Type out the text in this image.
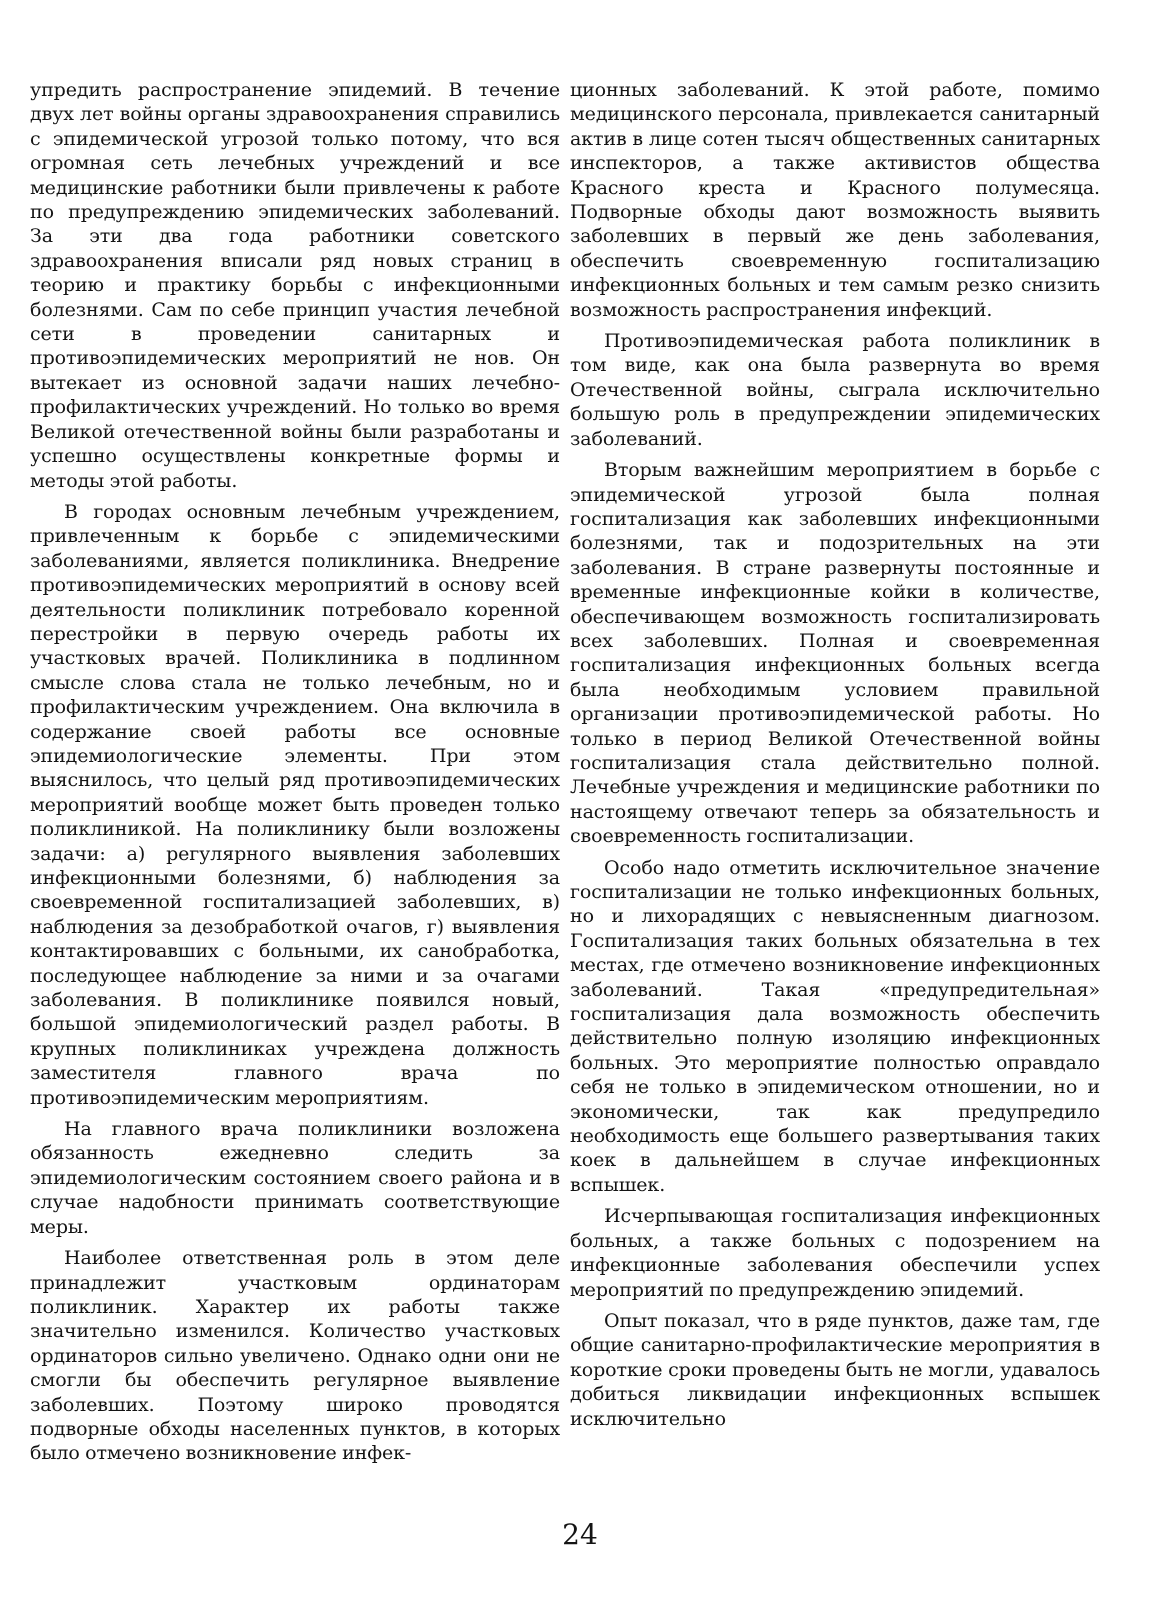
упредить распространение эпидемий. В течение двух лет войны органы здравоохранения справились с эпидемической угрозой только потому, что вся огромная сеть лечебных учреждений и все медицинские работники были привлечены к работе по предупреждению эпидемических заболеваний. За эти два года работники советского здравоохранения вписали ряд новых страниц в теорию и практику борьбы с инфекционными болезнями. Сам по себе принцип участия лечебной сети в проведении санитарных и противоэпидемических мероприятий не нов. Он вытекает из основной задачи наших лечебно-профилактических учреждений. Но только во время Великой отечественной войны были разработаны и успешно осуществлены конкретные формы и методы этой работы.

В городах основным лечебным учреждением, привлеченным к борьбе с эпидемическими заболеваниями, является поликлиника. Внедрение противоэпидемических мероприятий в основу всей деятельности поликлиник потребовало коренной перестройки в первую очередь работы их участковых врачей. Поликлиника в подлинном смысле слова стала не только лечебным, но и профилактическим учреждением. Она включила в содержание своей работы все основные эпидемиологические элементы. При этом выяснилось, что целый ряд противоэпидемических мероприятий вообще может быть проведен только поликлиникой. На поликлинику были возложены задачи: а) регулярного выявления заболевших инфекционными болезнями, б) наблюдения за своевременной госпитализацией заболевших, в) наблюдения за дезобработкой очагов, г) выявления контактировавших с больными, их санобработка, последующее наблюдение за ними и за очагами заболевания. В поликлинике появился новый, большой эпидемиологический раздел работы. В крупных поликлиниках учреждена должность заместителя главного врача по противоэпидемическим мероприятиям.

На главного врача поликлиники возложена обязанность ежедневно следить за эпидемиологическим состоянием своего района и в случае надобности принимать соответствующие меры.

Наиболее ответственная роль в этом деле принадлежит участковым ординаторам поликлиник. Характер их работы также значительно изменился. Количество участковых ординаторов сильно увеличено. Однако одни они не смогли бы обеспечить регулярное выявление заболевших. Поэтому широко проводятся подворные обходы населенных пунктов, в которых было отмечено возникновение инфек-

ционных заболеваний. К этой работе, помимо медицинского персонала, привлекается санитарный актив в лице сотен тысяч общественных санитарных инспекторов, а также активистов общества Красного креста и Красного полумесяца. Подворные обходы дают возможность выявить заболевших в первый же день заболевания, обеспечить своевременную госпитализацию инфекционных больных и тем самым резко снизить возможность распространения инфекций.

Противоэпидемическая работа поликлиник в том виде, как она была развернута во время Отечественной войны, сыграла исключительно большую роль в предупреждении эпидемических заболеваний.

Вторым важнейшим мероприятием в борьбе с эпидемической угрозой была полная госпитализация как заболевших инфекционными болезнями, так и подозрительных на эти заболевания. В стране развернуты постоянные и временные инфекционные койки в количестве, обеспечивающем возможность госпитализировать всех заболевших. Полная и своевременная госпитализация инфекционных больных всегда была необходимым условием правильной организации противоэпидемической работы. Но только в период Великой Отечественной войны госпитализация стала действительно полной. Лечебные учреждения и медицинские работники по настоящему отвечают теперь за обязательность и своевременность госпитализации.

Особо надо отметить исключительное значение госпитализации не только инфекционных больных, но и лихорадящих с невыясненным диагнозом. Госпитализация таких больных обязательна в тех местах, где отмечено возникновение инфекционных заболеваний. Такая «предупредительная» госпитализация дала возможность обеспечить действительно полную изоляцию инфекционных больных. Это мероприятие полностью оправдало себя не только в эпидемическом отношении, но и экономически, так как предупредило необходимость еще большего развертывания таких коек в дальнейшем в случае инфекционных вспышек.

Исчерпывающая госпитализация инфекционных больных, а также больных с подозрением на инфекционные заболевания обеспечили успех мероприятий по предупреждению эпидемий.

Опыт показал, что в ряде пунктов, даже там, где общие санитарно-профилактические мероприятия в короткие сроки проведены быть не могли, удавалось добиться ликвидации инфекционных вспышек исключительно

24
